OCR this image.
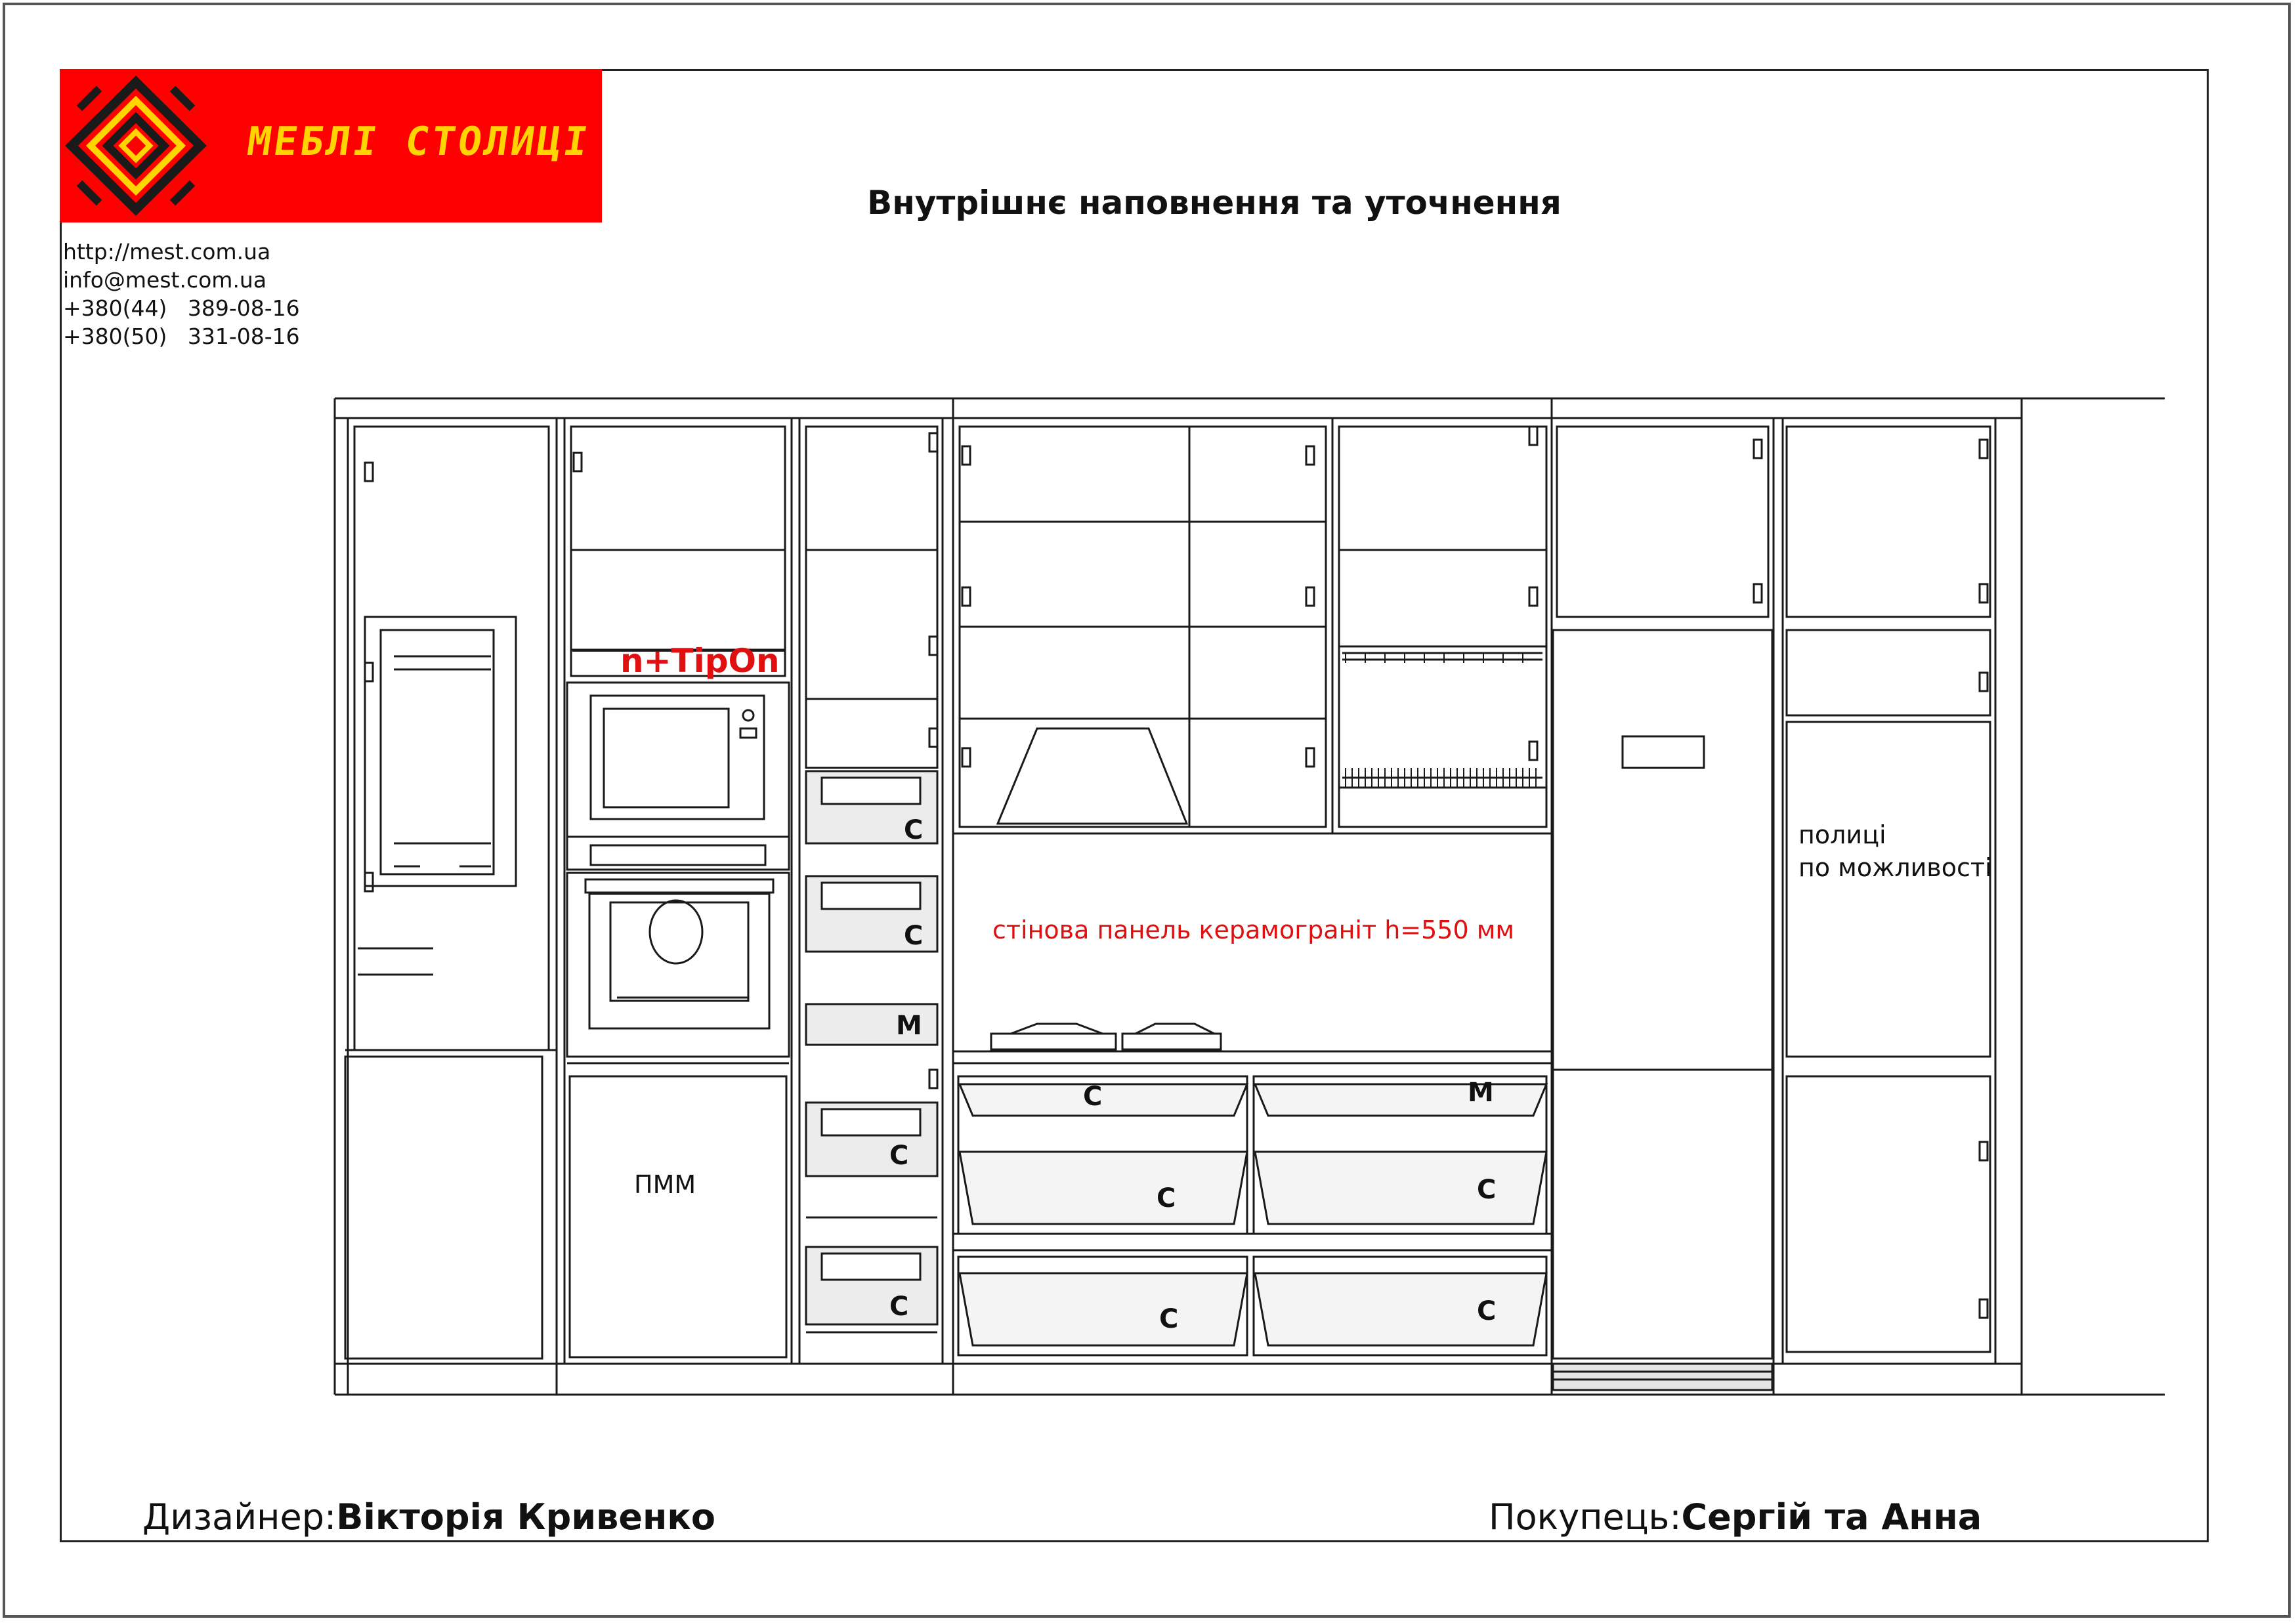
МЕБЛІ СТОЛИЦІ
http://mest.com.ua
info@mest.com.ua
+380(44)   389-08-16
+380(50)   331-08-16
Внутрішнє наповнення та уточнення
n+TipOn
стінова панель керамограніт h=550 мм
ПММ
полиці
по можливості
С
С
М
С
С
С
М
С	С
С	С
Дизайнер:Вікторія Кривенко	Покупець:Сергій та Анна
